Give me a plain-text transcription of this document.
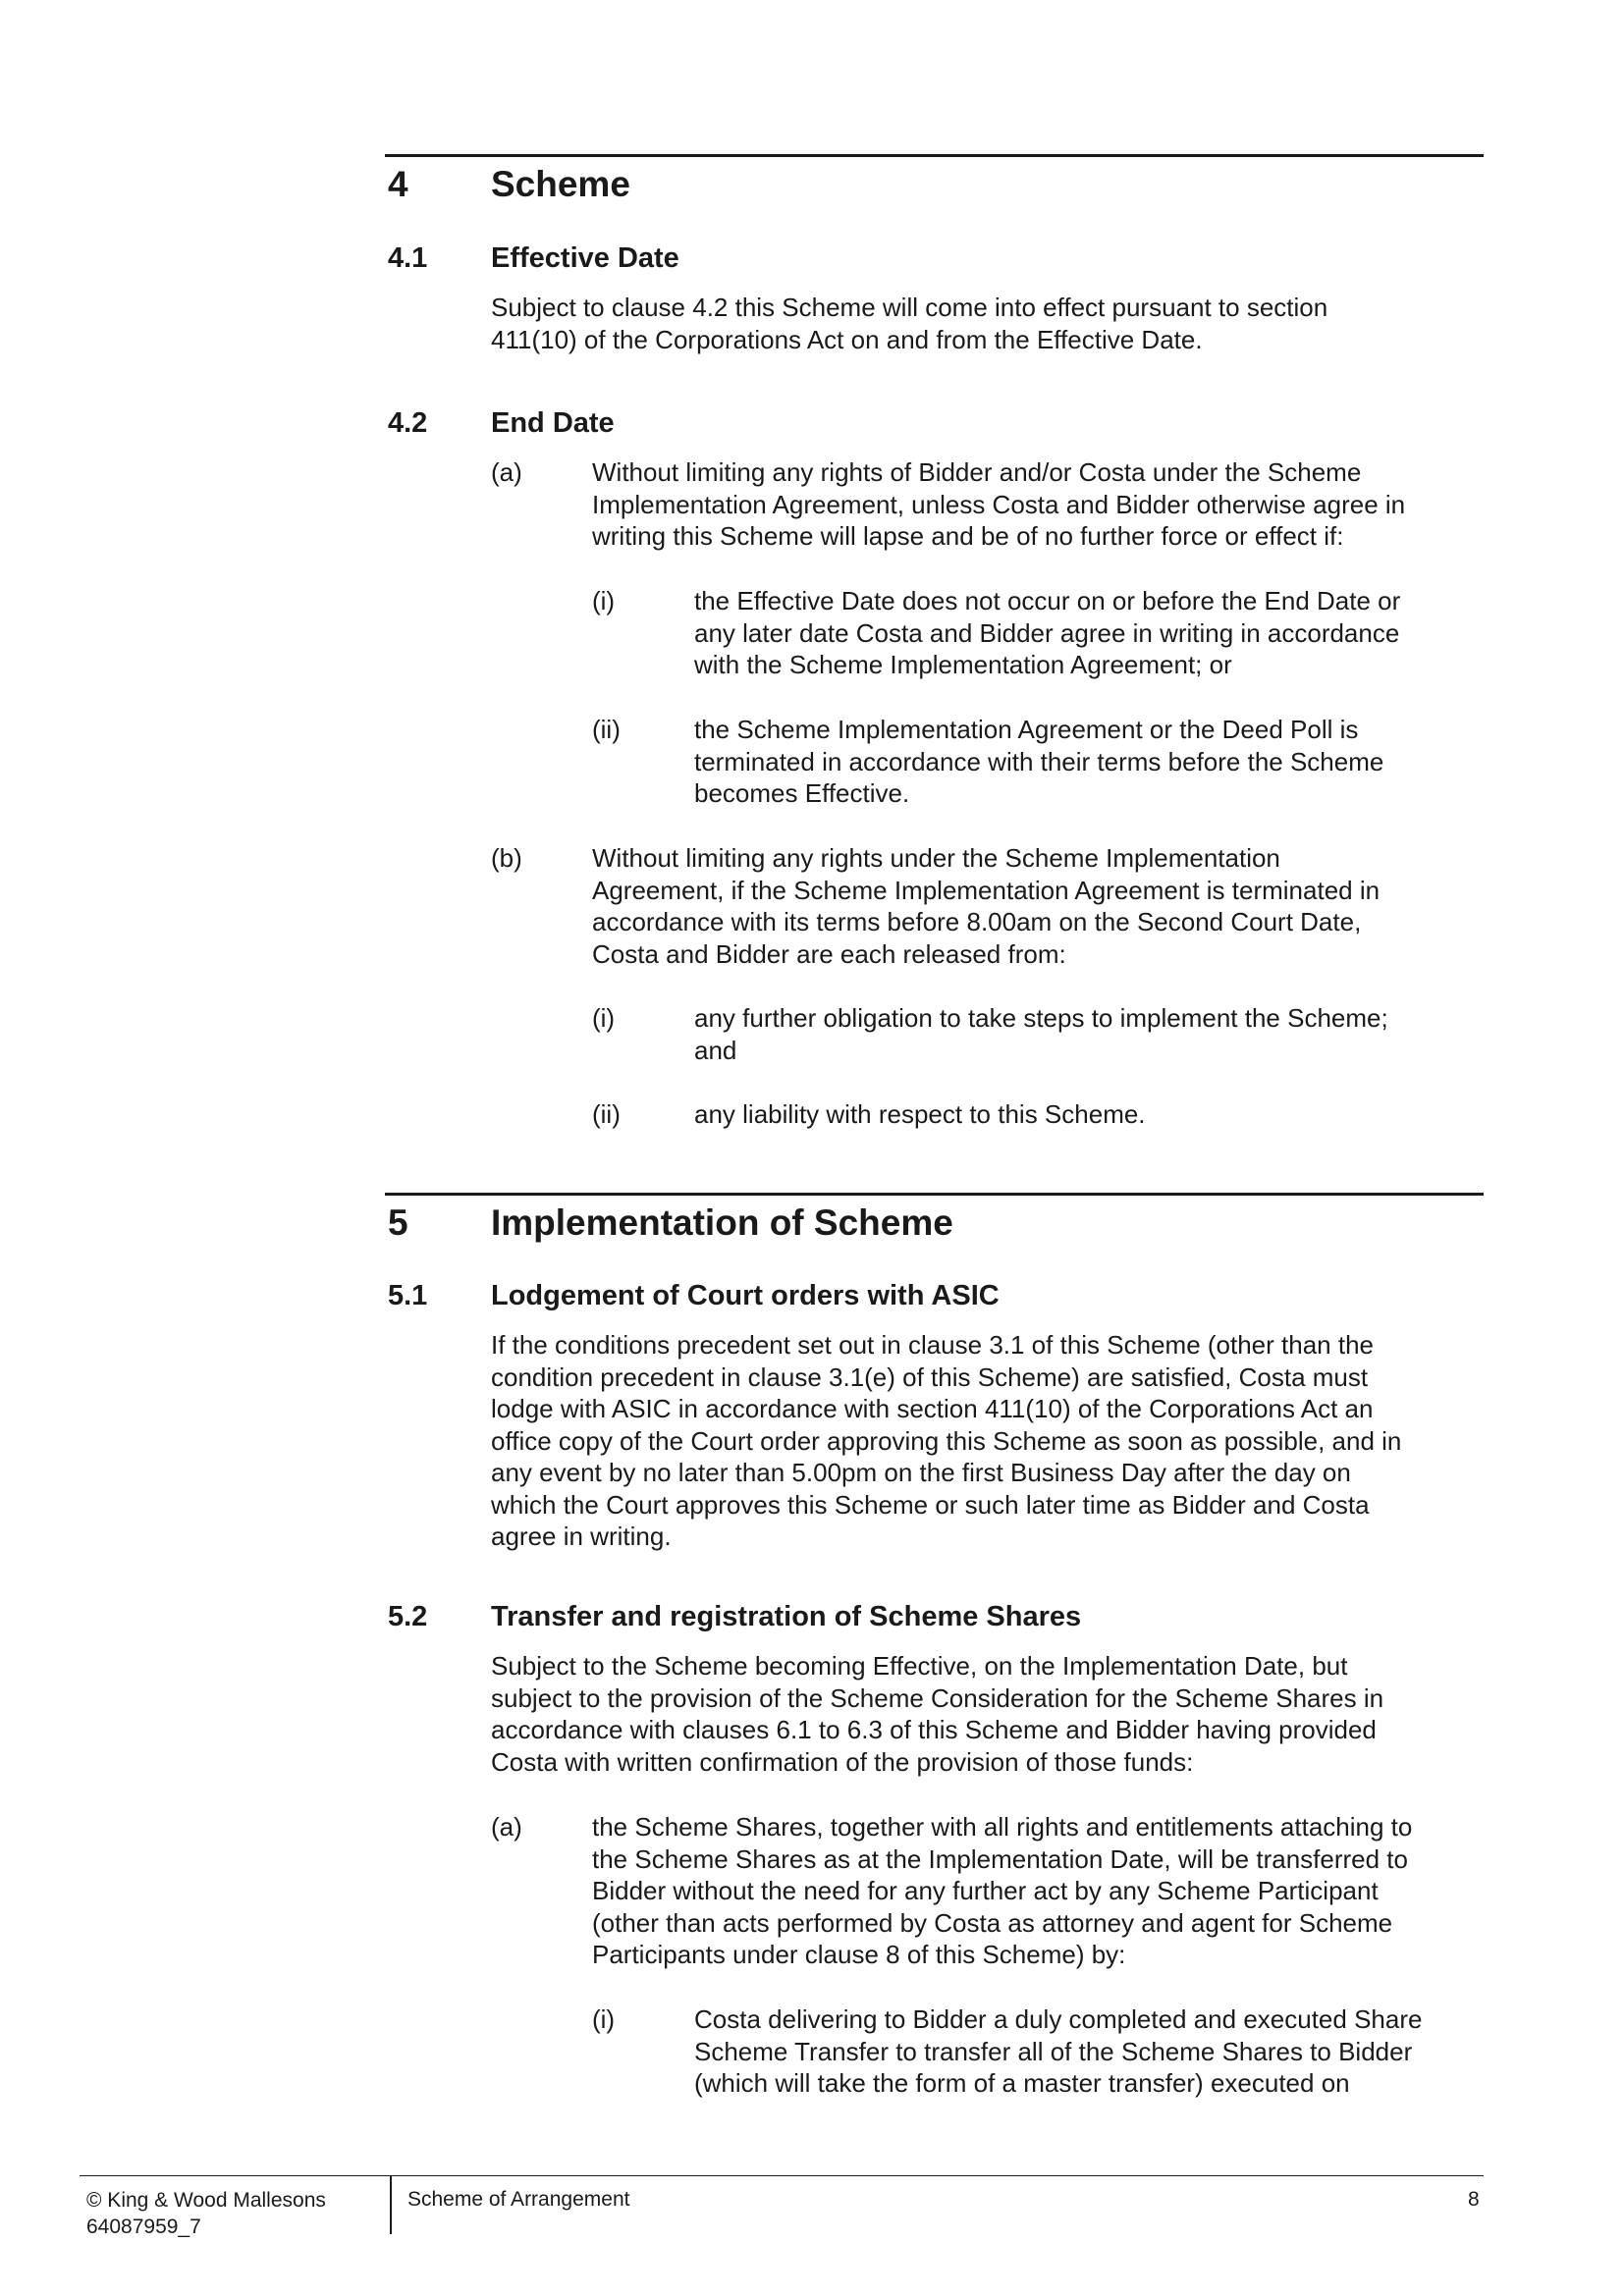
4 Scheme
4.1 Effective Date
Subject to clause 4.2 this Scheme will come into effect pursuant to section
411(10) of the Corporations Act on and from the Effective Date.
4.2 End Date
(a)	Without limiting any rights of Bidder and/or Costa under the Scheme
Implementation Agreement, unless Costa and Bidder otherwise agree in
writing this Scheme will lapse and be of no further force or effect if:
(i)	the Effective Date does not occur on or before the End Date or
any later date Costa and Bidder agree in writing in accordance
with the Scheme Implementation Agreement; or
(ii)	the Scheme Implementation Agreement or the Deed Poll is
terminated in accordance with their terms before the Scheme
becomes Effective.
(b)	Without limiting any rights under the Scheme Implementation
Agreement, if the Scheme Implementation Agreement is terminated in
accordance with its terms before 8.00am on the Second Court Date,
Costa and Bidder are each released from:
(i)	any further obligation to take steps to implement the Scheme;
and
(ii)	any liability with respect to this Scheme.
5 Implementation of Scheme
5.1 Lodgement of Court orders with ASIC
If the conditions precedent set out in clause 3.1 of this Scheme (other than the
condition precedent in clause 3.1(e) of this Scheme) are satisfied, Costa must
lodge with ASIC in accordance with section 411(10) of the Corporations Act an
office copy of the Court order approving this Scheme as soon as possible, and in
any event by no later than 5.00pm on the first Business Day after the day on
which the Court approves this Scheme or such later time as Bidder and Costa
agree in writing.
5.2 Transfer and registration of Scheme Shares
Subject to the Scheme becoming Effective, on the Implementation Date, but
subject to the provision of the Scheme Consideration for the Scheme Shares in
accordance with clauses 6.1 to 6.3 of this Scheme and Bidder having provided
Costa with written confirmation of the provision of those funds:
(a)	the Scheme Shares, together with all rights and entitlements attaching to
the Scheme Shares as at the Implementation Date, will be transferred to
Bidder without the need for any further act by any Scheme Participant
(other than acts performed by Costa as attorney and agent for Scheme
Participants under clause 8 of this Scheme) by:
(i)	Costa delivering to Bidder a duly completed and executed Share
Scheme Transfer to transfer all of the Scheme Shares to Bidder
(which will take the form of a master transfer) executed on
© King & Wood Mallesons
64087959_7
Scheme of Arrangement	8
